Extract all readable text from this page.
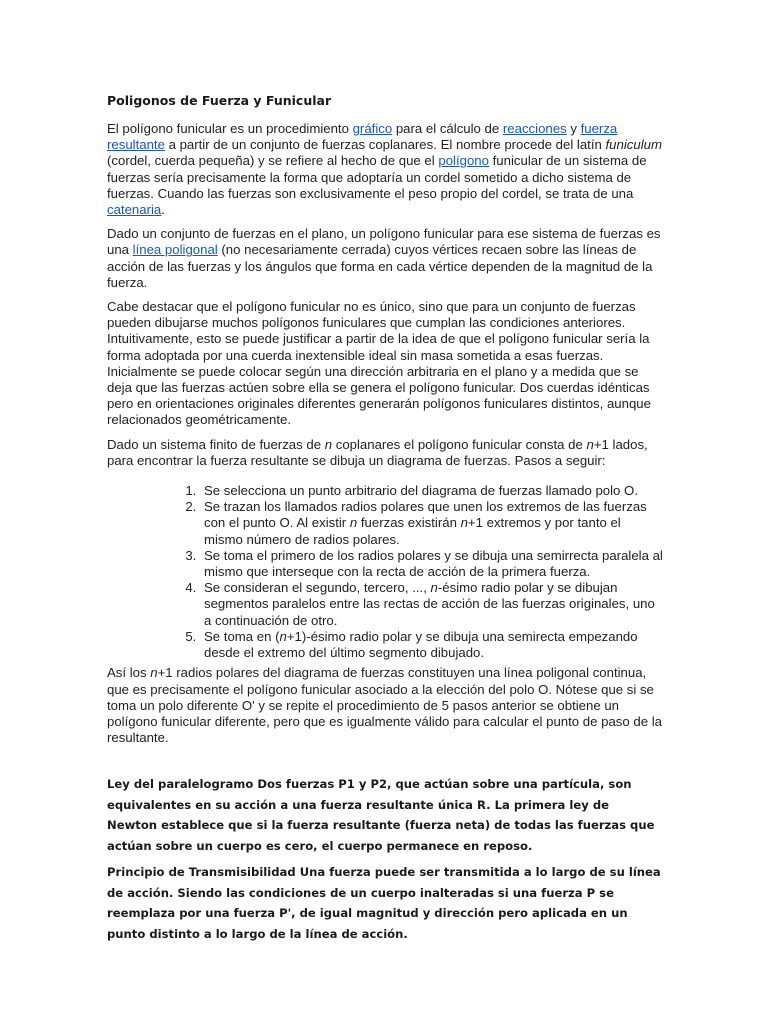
Poligonos de Fuerza y Funicular

El polígono funicular es un procedimiento gráfico para el cálculo de reacciones y fuerza resultante a partir de un conjunto de fuerzas coplanares. El nombre procede del latín funiculum (cordel, cuerda pequeña) y se refiere al hecho de que el polígono funicular de un sistema de fuerzas sería precisamente la forma que adoptaría un cordel sometido a dicho sistema de fuerzas. Cuando las fuerzas son exclusivamente el peso propio del cordel, se trata de una catenaria.

Dado un conjunto de fuerzas en el plano, un polígono funicular para ese sistema de fuerzas es una línea poligonal (no necesariamente cerrada) cuyos vértices recaen sobre las líneas de acción de las fuerzas y los ángulos que forma en cada vértice dependen de la magnitud de la fuerza.

Cabe destacar que el polígono funicular no es único, sino que para un conjunto de fuerzas pueden dibujarse muchos polígonos funiculares que cumplan las condiciones anteriores. Intuitivamente, esto se puede justificar a partir de la idea de que el polígono funicular sería la forma adoptada por una cuerda inextensible ideal sin masa sometida a esas fuerzas. Inicialmente se puede colocar según una dirección arbitraria en el plano y a medida que se deja que las fuerzas actúen sobre ella se genera el polígono funicular. Dos cuerdas idénticas pero en orientaciones originales diferentes generarán polígonos funiculares distintos, aunque relacionados geométricamente.

Dado un sistema finito de fuerzas de n coplanares el polígono funicular consta de n+1 lados, para encontrar la fuerza resultante se dibuja un diagrama de fuerzas. Pasos a seguir:

1. Se selecciona un punto arbitrario del diagrama de fuerzas llamado polo O.
2. Se trazan los llamados radios polares que unen los extremos de las fuerzas con el punto O. Al existir n fuerzas existirán n+1 extremos y por tanto el mismo número de radios polares.
3. Se toma el primero de los radios polares y se dibuja una semirrecta paralela al mismo que interseque con la recta de acción de la primera fuerza.
4. Se consideran el segundo, tercero, ..., n-ésimo radio polar y se dibujan segmentos paralelos entre las rectas de acción de las fuerzas originales, uno a continuación de otro.
5. Se toma en (n+1)-ésimo radio polar y se dibuja una semirecta empezando desde el extremo del último segmento dibujado.

Así los n+1 radios polares del diagrama de fuerzas constituyen una línea poligonal continua, que es precisamente el polígono funicular asociado a la elección del polo O. Nótese que si se toma un polo diferente O' y se repite el procedimiento de 5 pasos anterior se obtiene un polígono funicular diferente, pero que es igualmente válido para calcular el punto de paso de la resultante.

Ley del paralelogramo Dos fuerzas P1 y P2, que actúan sobre una partícula, son equivalentes en su acción a una fuerza resultante única R. La primera ley de Newton establece que si la fuerza resultante (fuerza neta) de todas las fuerzas que actúan sobre un cuerpo es cero, el cuerpo permanece en reposo.
Principio de Transmisibilidad Una fuerza puede ser transmitida a lo largo de su línea de acción. Siendo las condiciones de un cuerpo inalteradas si una fuerza P se reemplaza por una fuerza P', de igual magnitud y dirección pero aplicada en un punto distinto a lo largo de la línea de acción.
